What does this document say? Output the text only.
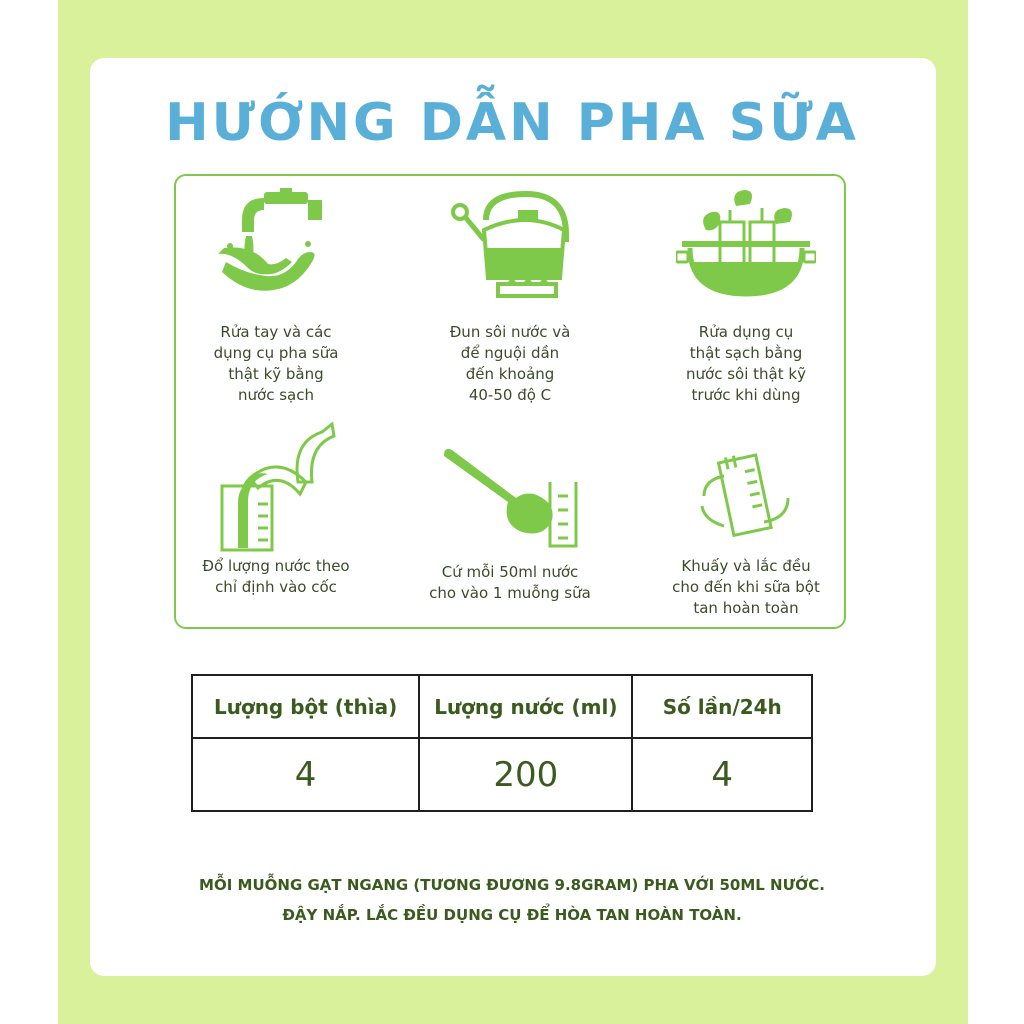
HƯỚNG DẪN PHA SỮA
Rửa tay và các
dụng cụ pha sữa
thật kỹ bằng
nước sạch
Đun sôi nước và
để nguội dần
đến khoảng
40-50 độ C
Rửa dụng cụ
thật sạch bằng
nước sôi thật kỹ
trước khi dùng
Đổ lượng nước theo
chỉ định vào cốc
Cứ mỗi 50ml nước
cho vào 1 muỗng sữa
Khuấy và lắc đều
cho đến khi sữa bột
tan hoàn toàn
Lượng bột (thìa)	Lượng nước (ml)	Số lần/24h
4	200	4
MỖI MUỖNG GẠT NGANG (TƯƠNG ĐƯƠNG 9.8GRAM) PHA VỚI 50ML NƯỚC.
ĐẬY NẮP. LẮC ĐỀU DỤNG CỤ ĐỂ HÒA TAN HOÀN TOÀN.
